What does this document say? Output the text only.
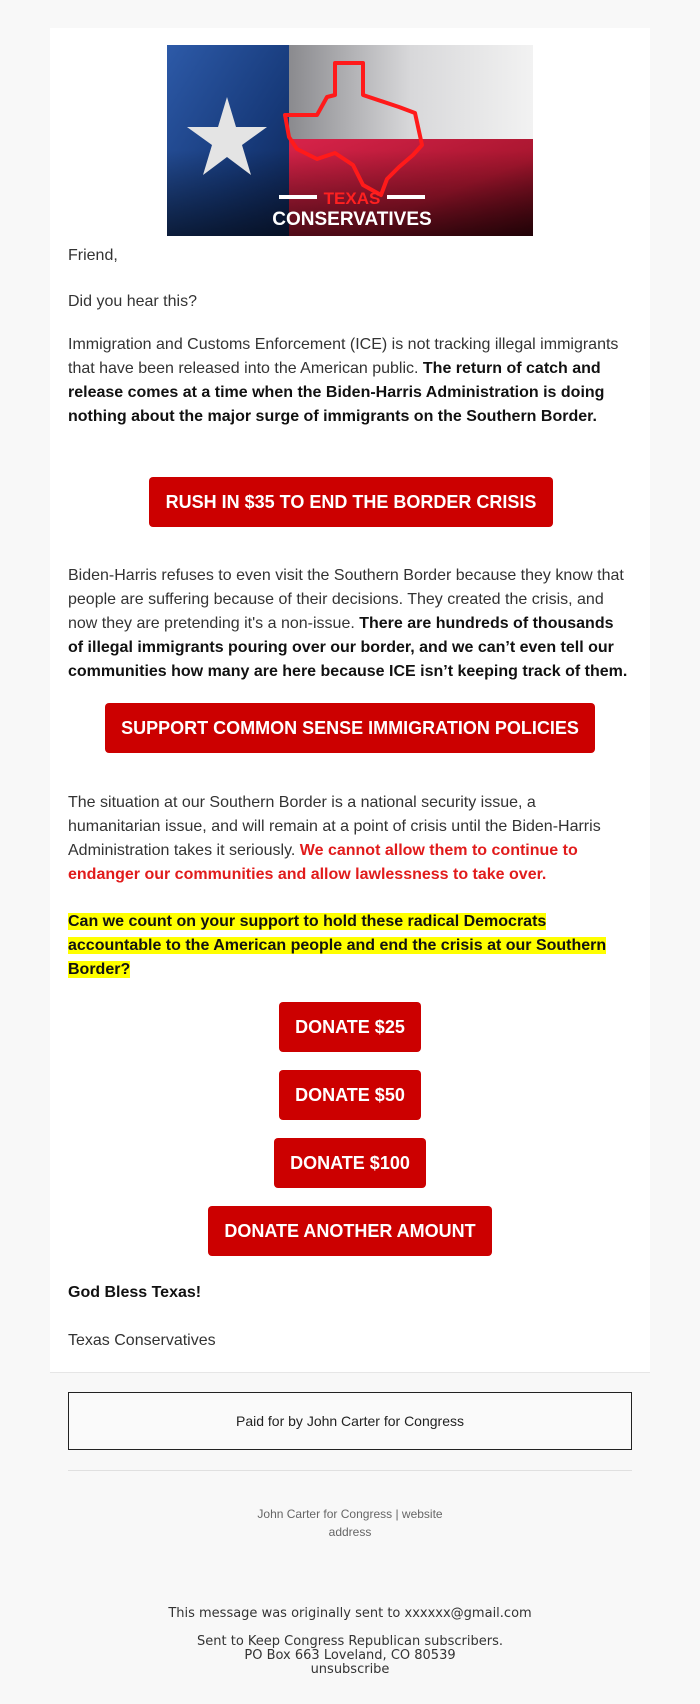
TEXAS
CONSERVATIVES
Friend,
Did you hear this?
Immigration and Customs Enforcement (ICE) is not tracking illegal immigrants that have been released into the American public. The return of catch and release comes at a time when the Biden-Harris Administration is doing nothing about the major surge of immigrants on the Southern Border.
RUSH IN $35 TO END THE BORDER CRISIS
Biden-Harris refuses to even visit the Southern Border because they know that people are suffering because of their decisions. They created the crisis, and now they are pretending it's a non-issue. There are hundreds of thousands of illegal immigrants pouring over our border, and we can’t even tell our communities how many are here because ICE isn’t keeping track of them.
SUPPORT COMMON SENSE IMMIGRATION POLICIES
The situation at our Southern Border is a national security issue, a humanitarian issue, and will remain at a point of crisis until the Biden-Harris Administration takes it seriously. We cannot allow them to continue to endanger our communities and allow lawlessness to take over.
Can we count on your support to hold these radical Democrats accountable to the American people and end the crisis at our Southern Border?
DONATE $25
DONATE $50
DONATE $100
DONATE ANOTHER AMOUNT
God Bless Texas!
Texas Conservatives
Paid for by John Carter for Congress
John Carter for Congress | website
address
This message was originally sent to xxxxxx@gmail.com
Sent to Keep Congress Republican subscribers.
PO Box 663 Loveland, CO 80539
unsubscribe
